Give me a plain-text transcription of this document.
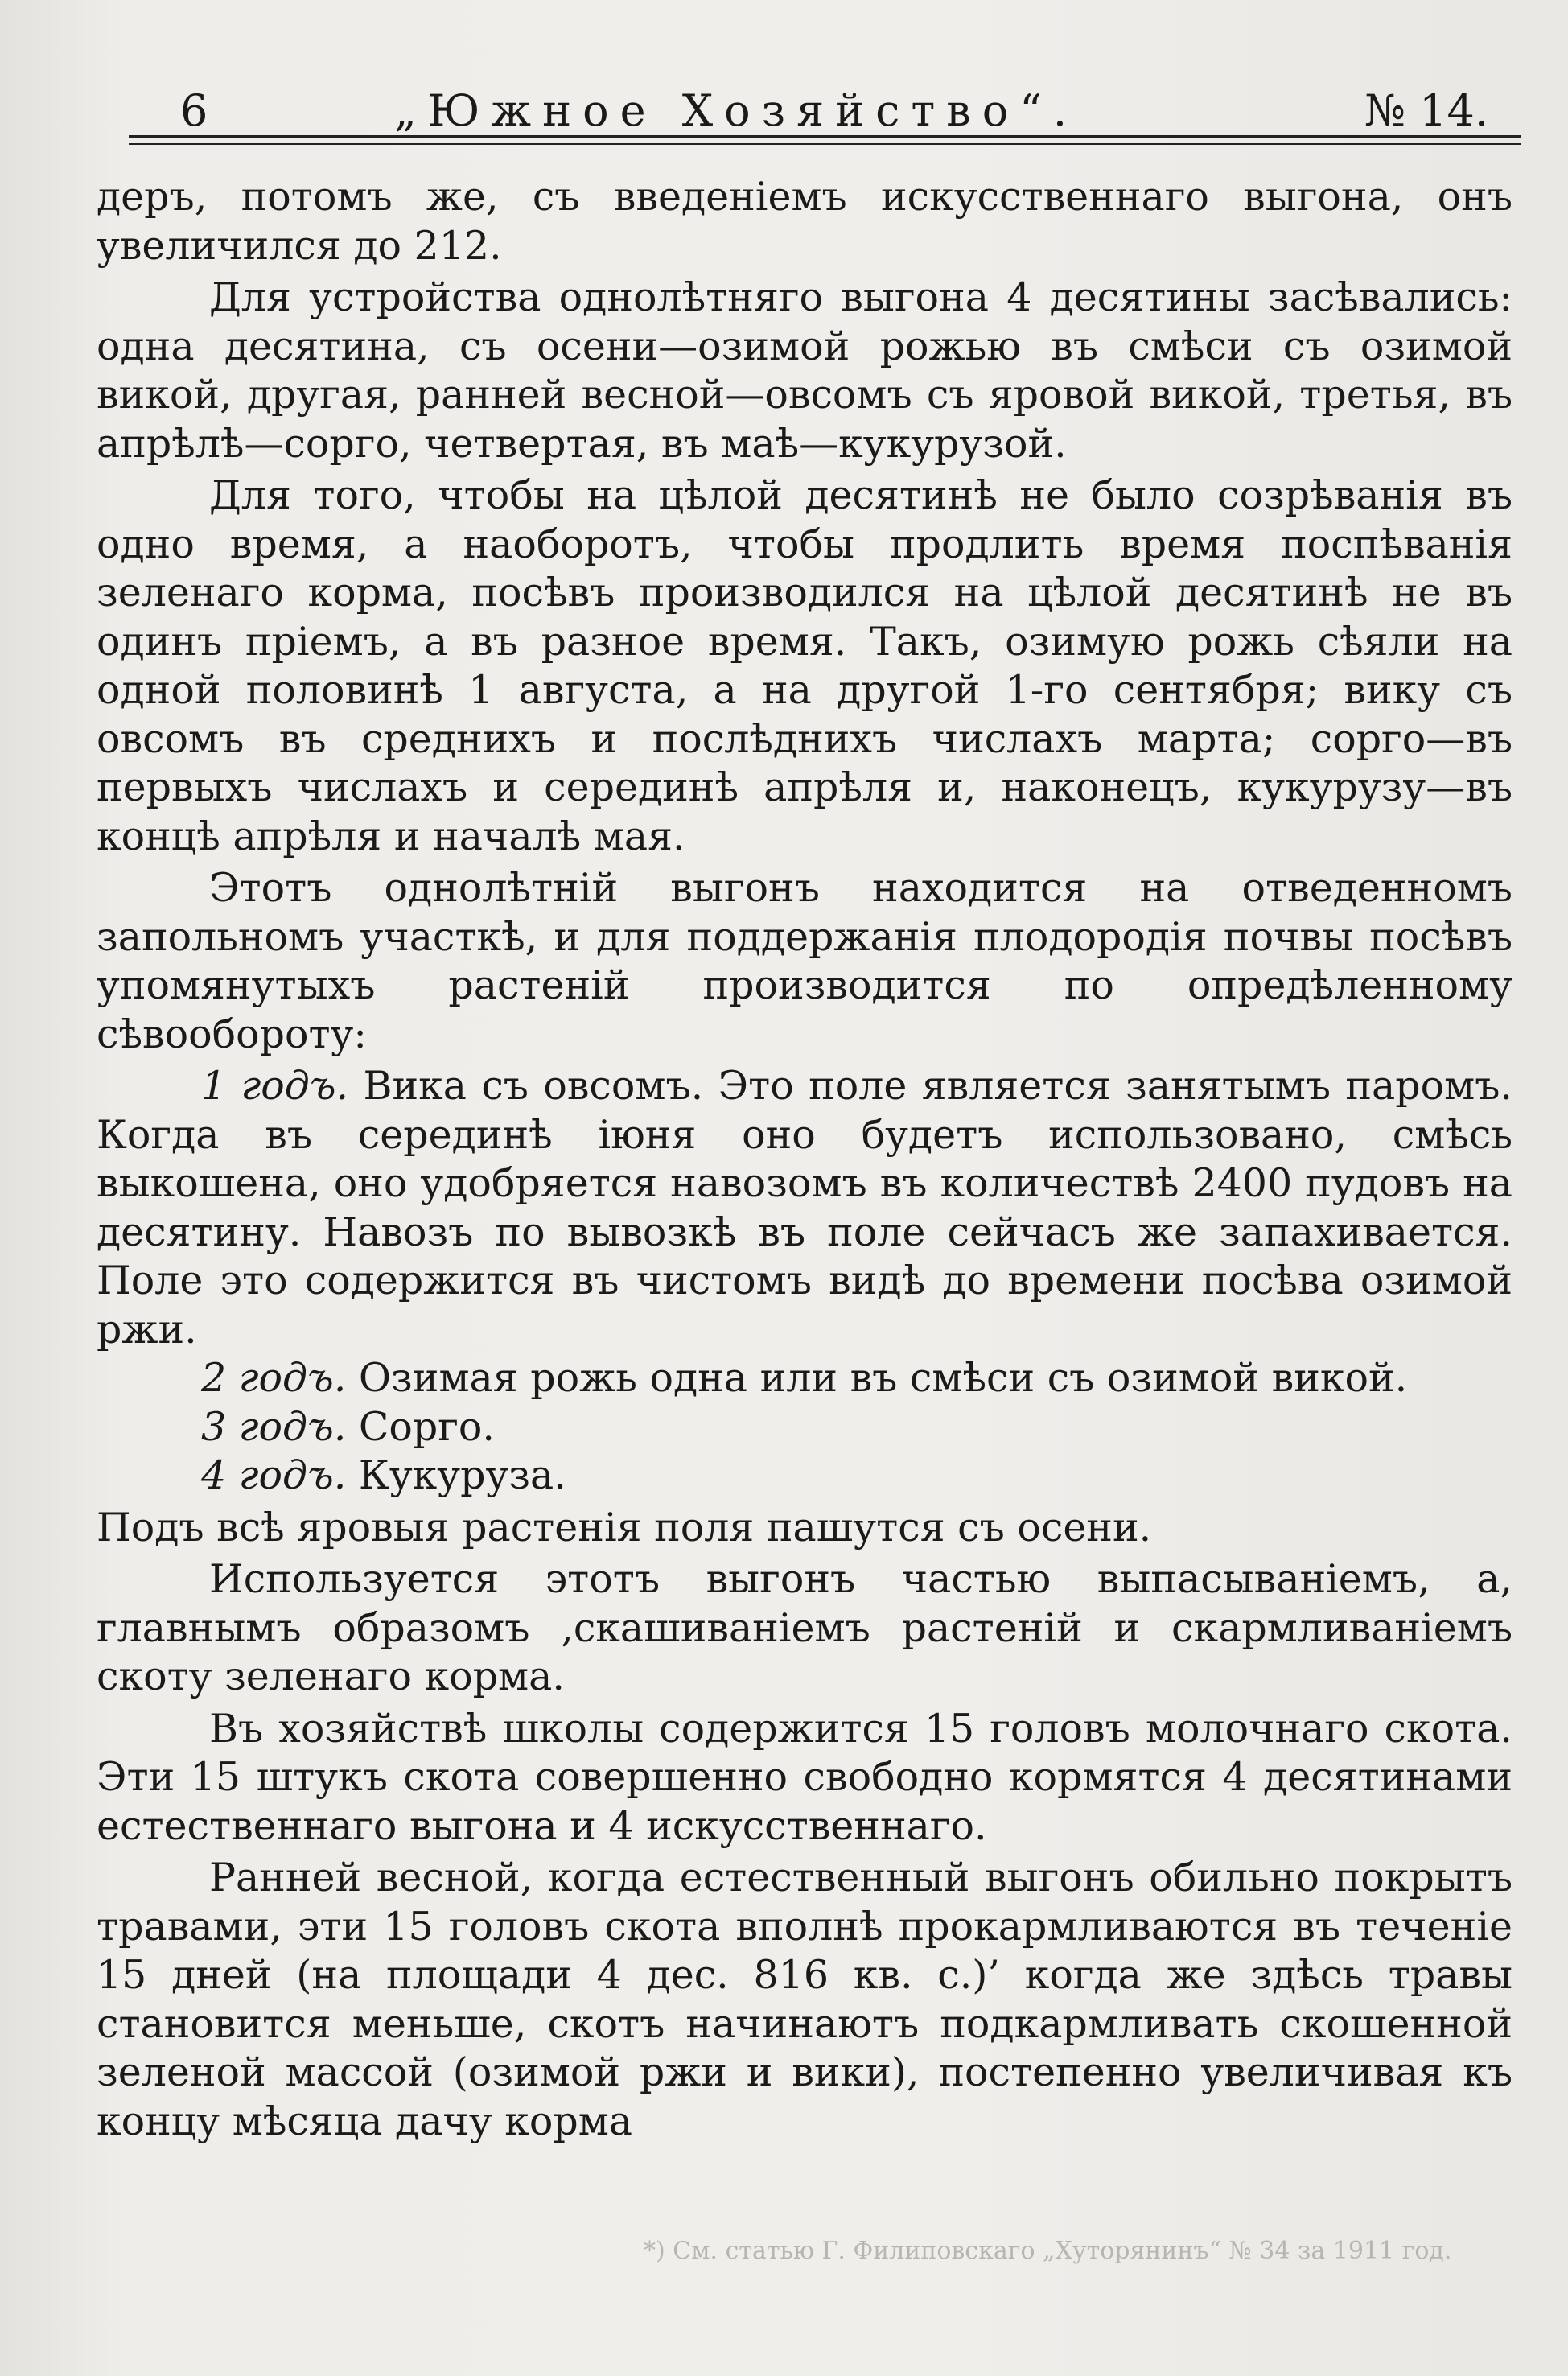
6	„Южное Хозяйство“.	№ 14.

деръ, потомъ же, съ введеніемъ искусственнаго выгона, онъ увеличился до 212.

Для устройства однолѣтняго выгона 4 десятины засѣвались: одна десятина, съ осени—озимой рожью въ смѣси съ озимой викой, другая, ранней весной—овсомъ съ яровой викой, третья, въ апрѣлѣ—сорго, четвертая, въ маѣ—кукурузой.

Для того, чтобы на цѣлой десятинѣ не было созрѣванія въ одно время, а наоборотъ, чтобы продлить время поспѣванія зеленаго корма, посѣвъ производился на цѣлой десятинѣ не въ одинъ пріемъ, а въ разное время. Такъ, озимую рожь сѣяли на одной половинѣ 1 августа, а на другой 1-го сентября; вику съ овсомъ въ среднихъ и послѣднихъ числахъ марта; сорго—въ первыхъ числахъ и серединѣ апрѣля и, наконецъ, кукурузу—въ концѣ апрѣля и началѣ мая.

Этотъ однолѣтній выгонъ находится на отведенномъ запольномъ участкѣ, и для поддержанія плодородія почвы посѣвъ упомянутыхъ растеній производится по опредѣленному сѣвообороту:

1 годъ. Вика съ овсомъ. Это поле является занятымъ паромъ. Когда въ серединѣ іюня оно будетъ использовано, смѣсь выкошена, оно удобряется навозомъ въ количествѣ 2400 пудовъ на десятину. Навозъ по вывозкѣ въ поле сейчасъ же запахивается. Поле это содержится въ чистомъ видѣ до времени посѣва озимой ржи.

2 годъ. Озимая рожь одна или въ смѣси съ озимой викой.

3 годъ. Сорго.

4 годъ. Кукуруза.

Подъ всѣ яровыя растенія поля пашутся съ осени.

Используется этотъ выгонъ частью выпасываніемъ, а, главнымъ образомъ ,скашиваніемъ растеній и скармливаніемъ скоту зеленаго корма.

Въ хозяйствѣ школы содержится 15 головъ молочнаго скота. Эти 15 штукъ скота совершенно свободно кормятся 4 десятинами естественнаго выгона и 4 искусственнаго.

Ранней весной, когда естественный выгонъ обильно покрытъ травами, эти 15 головъ скота вполнѣ прокармливаются въ теченіе 15 дней (на площади 4 дес. 816 кв. с.)’ когда же здѣсь травы становится меньше, скотъ начинаютъ подкармливать скошенной зеленой массой (озимой ржи и вики), постепенно увеличивая къ концу мѣсяца дачу корма

*) См. статью Г. Филиповскаго „Хуторянинъ“ № 34 за 1911 год.
